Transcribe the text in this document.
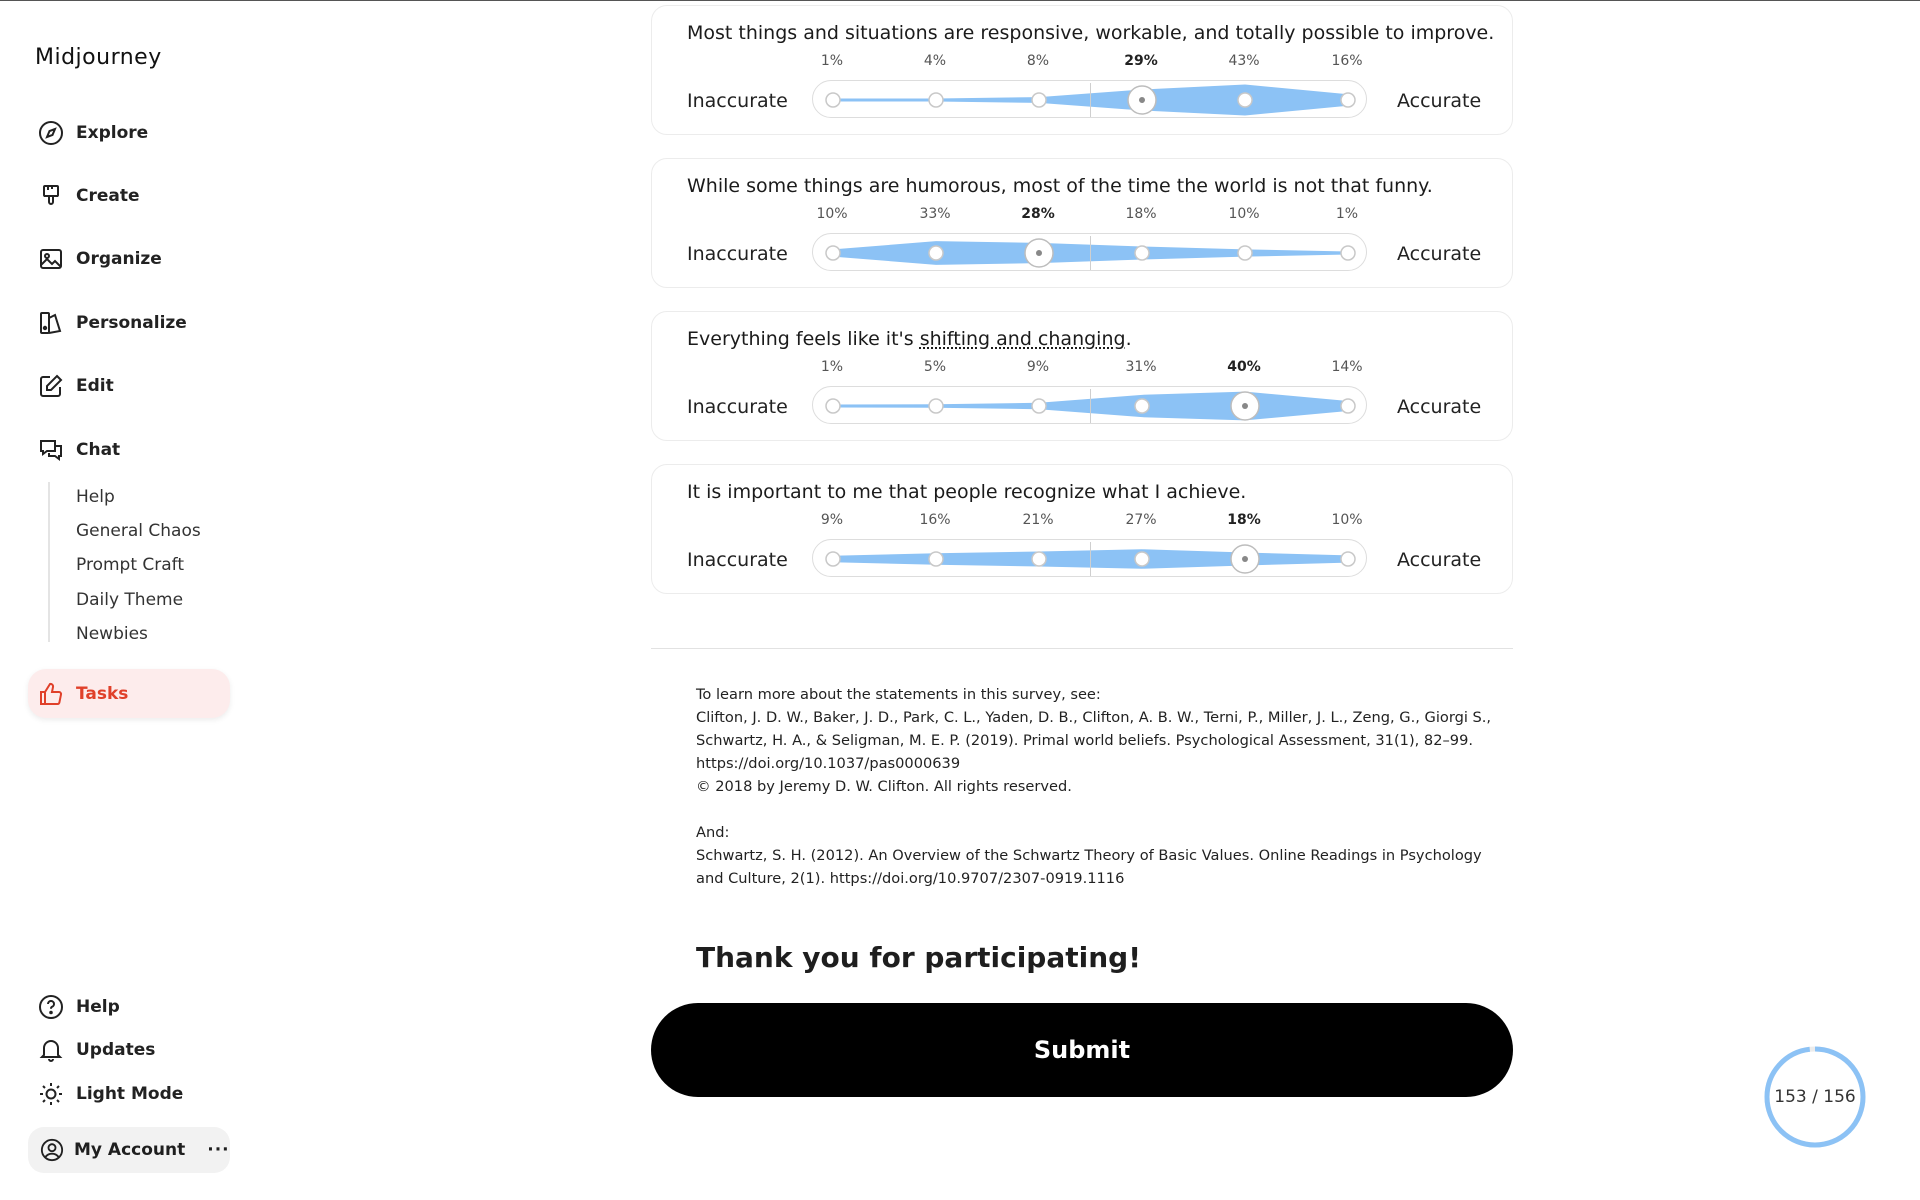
Midjourney
Explore
Create
Organize
Personalize
Edit
Chat
Help
General Chaos
Prompt Craft
Daily Theme
Newbies
Tasks
Help
Updates
Light Mode
My Account ···
Most things and situations are responsive, workable, and totally possible to improve.
1%	4%	8%	29%	43%	16%
Inaccurate	Accurate
While some things are humorous, most of the time the world is not that funny.
10%	33%	28%	18%	10%	1%
Inaccurate	Accurate
Everything feels like it's shifting and changing.
1%	5%	9%	31%	40%	14%
Inaccurate	Accurate
It is important to me that people recognize what I achieve.
9%	16%	21%	27%	18%	10%
Inaccurate	Accurate

To learn more about the statements in this survey, see:

Clifton, J. D. W., Baker, J. D., Park, C. L., Yaden, D. B., Clifton, A. B. W., Terni, P., Miller, J. L., Zeng, G., Giorgi S., Schwartz, H. A., & Seligman, M. E. P. (2019). Primal world beliefs. Psychological Assessment, 31(1), 82–99. https://doi.org/10.1037/pas0000639

© 2018 by Jeremy D. W. Clifton. All rights reserved.

And:

Schwartz, S. H. (2012). An Overview of the Schwartz Theory of Basic Values. Online Readings in Psychology and Culture, 2(1). https://doi.org/10.9707/2307-0919.1116

Thank you for participating!
Submit
153 / 156
